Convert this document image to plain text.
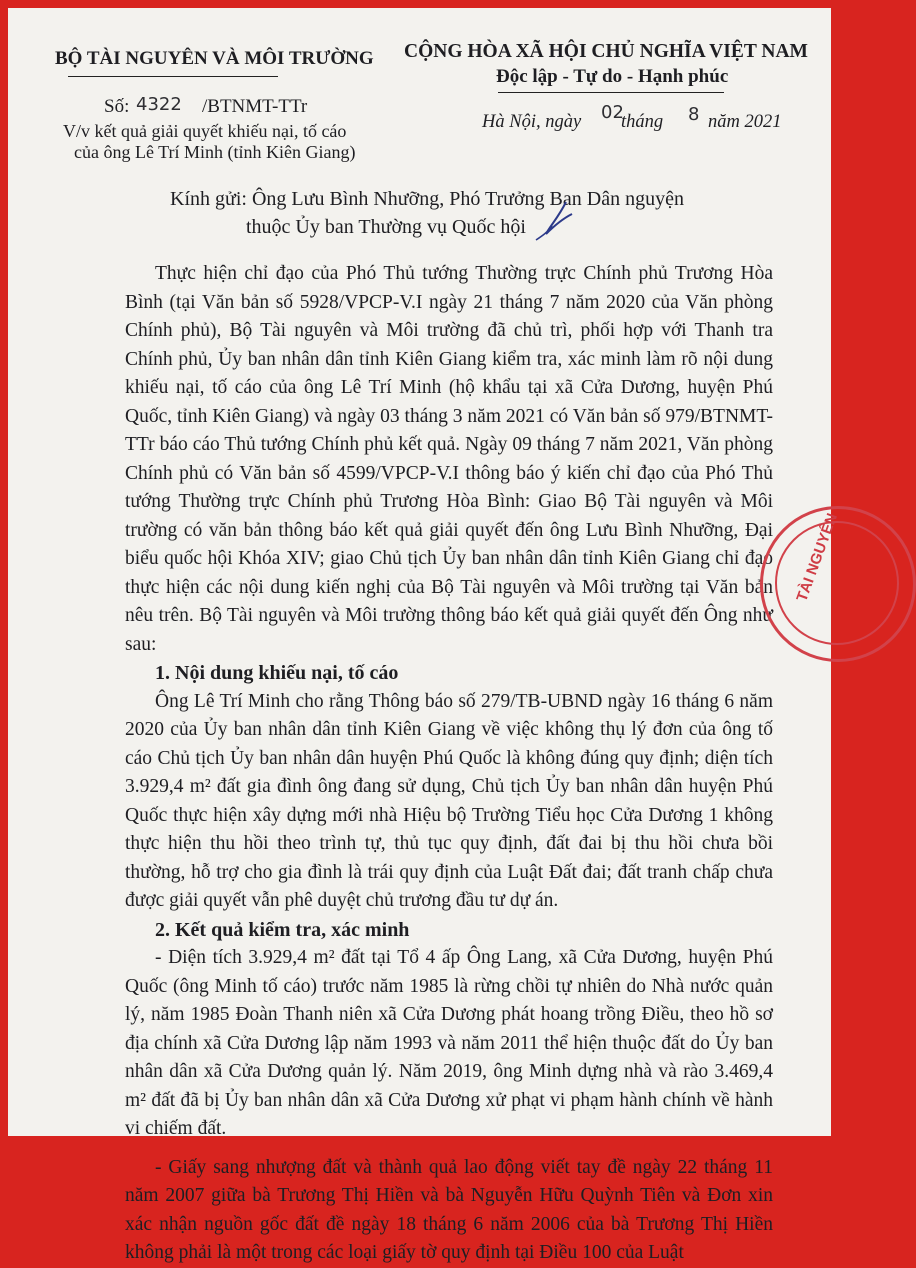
BỘ TÀI NGUYÊN VÀ MÔI TRƯỜNG
Số: 4322 /BTNMT-TTr
V/v kết quả giải quyết khiếu nại, tố cáo
của ông Lê Trí Minh (tỉnh Kiên Giang)
CỘNG HÒA XÃ HỘI CHỦ NGHĨA VIỆT NAM
Độc lập - Tự do - Hạnh phúc
Hà Nội, ngày 02
tháng 8 năm 2021
Kính gửi: Ông Lưu Bình Nhưỡng, Phó Trưởng Ban Dân nguyện
thuộc Ủy ban Thường vụ Quốc hội

Thực hiện chỉ đạo của Phó Thủ tướng Thường trực Chính phủ Trương Hòa Bình (tại Văn bản số 5928/VPCP-V.I ngày 21 tháng 7 năm 2020 của Văn phòng Chính phủ), Bộ Tài nguyên và Môi trường đã chủ trì, phối hợp với Thanh tra Chính phủ, Ủy ban nhân dân tỉnh Kiên Giang kiểm tra, xác minh làm rõ nội dung khiếu nại, tố cáo của ông Lê Trí Minh (hộ khẩu tại xã Cửa Dương, huyện Phú Quốc, tỉnh Kiên Giang) và ngày 03 tháng 3 năm 2021 có Văn bản số 979/BTNMT-TTr báo cáo Thủ tướng Chính phủ kết quả. Ngày 09 tháng 7 năm 2021, Văn phòng Chính phủ có Văn bản số 4599/VPCP-V.I thông báo ý kiến chỉ đạo của Phó Thủ tướng Thường trực Chính phủ Trương Hòa Bình: Giao Bộ Tài nguyên và Môi trường có văn bản thông báo kết quả giải quyết đến ông Lưu Bình Nhưỡng, Đại biểu quốc hội Khóa XIV; giao Chủ tịch Ủy ban nhân dân tỉnh Kiên Giang chỉ đạo thực hiện các nội dung kiến nghị của Bộ Tài nguyên và Môi trường tại Văn bản nêu trên. Bộ Tài nguyên và Môi trường thông báo kết quả giải quyết đến Ông như sau:

1. Nội dung khiếu nại, tố cáo

Ông Lê Trí Minh cho rằng Thông báo số 279/TB-UBND ngày 16 tháng 6 năm 2020 của Ủy ban nhân dân tỉnh Kiên Giang về việc không thụ lý đơn của ông tố cáo Chủ tịch Ủy ban nhân dân huyện Phú Quốc là không đúng quy định; diện tích 3.929,4 m² đất gia đình ông đang sử dụng, Chủ tịch Ủy ban nhân dân huyện Phú Quốc thực hiện xây dựng mới nhà Hiệu bộ Trường Tiểu học Cửa Dương 1 không thực hiện thu hồi theo trình tự, thủ tục quy định, đất đai bị thu hồi chưa bồi thường, hỗ trợ cho gia đình là trái quy định của Luật Đất đai; đất tranh chấp chưa được giải quyết vẫn phê duyệt chủ trương đầu tư dự án.

2. Kết quả kiểm tra, xác minh

- Diện tích 3.929,4 m² đất tại Tổ 4 ấp Ông Lang, xã Cửa Dương, huyện Phú Quốc (ông Minh tố cáo) trước năm 1985 là rừng chồi tự nhiên do Nhà nước quản lý, năm 1985 Đoàn Thanh niên xã Cửa Dương phát hoang trồng Điều, theo hồ sơ địa chính xã Cửa Dương lập năm 1993 và năm 2011 thể hiện thuộc đất do Ủy ban nhân dân xã Cửa Dương quản lý. Năm 2019, ông Minh dựng nhà và rào 3.469,4 m² đất đã bị Ủy ban nhân dân xã Cửa Dương xử phạt vi phạm hành chính về hành vi chiếm đất.

- Giấy sang nhượng đất và thành quả lao động viết tay đề ngày 22 tháng 11 năm 2007 giữa bà Trương Thị Hiền và bà Nguyễn Hữu Quỳnh Tiên và Đơn xin xác nhận nguồn gốc đất đề ngày 18 tháng 6 năm 2006 của bà Trương Thị Hiền không phải là một trong các loại giấy tờ quy định tại Điều 100 của Luật

TÀI NGUYÊN
